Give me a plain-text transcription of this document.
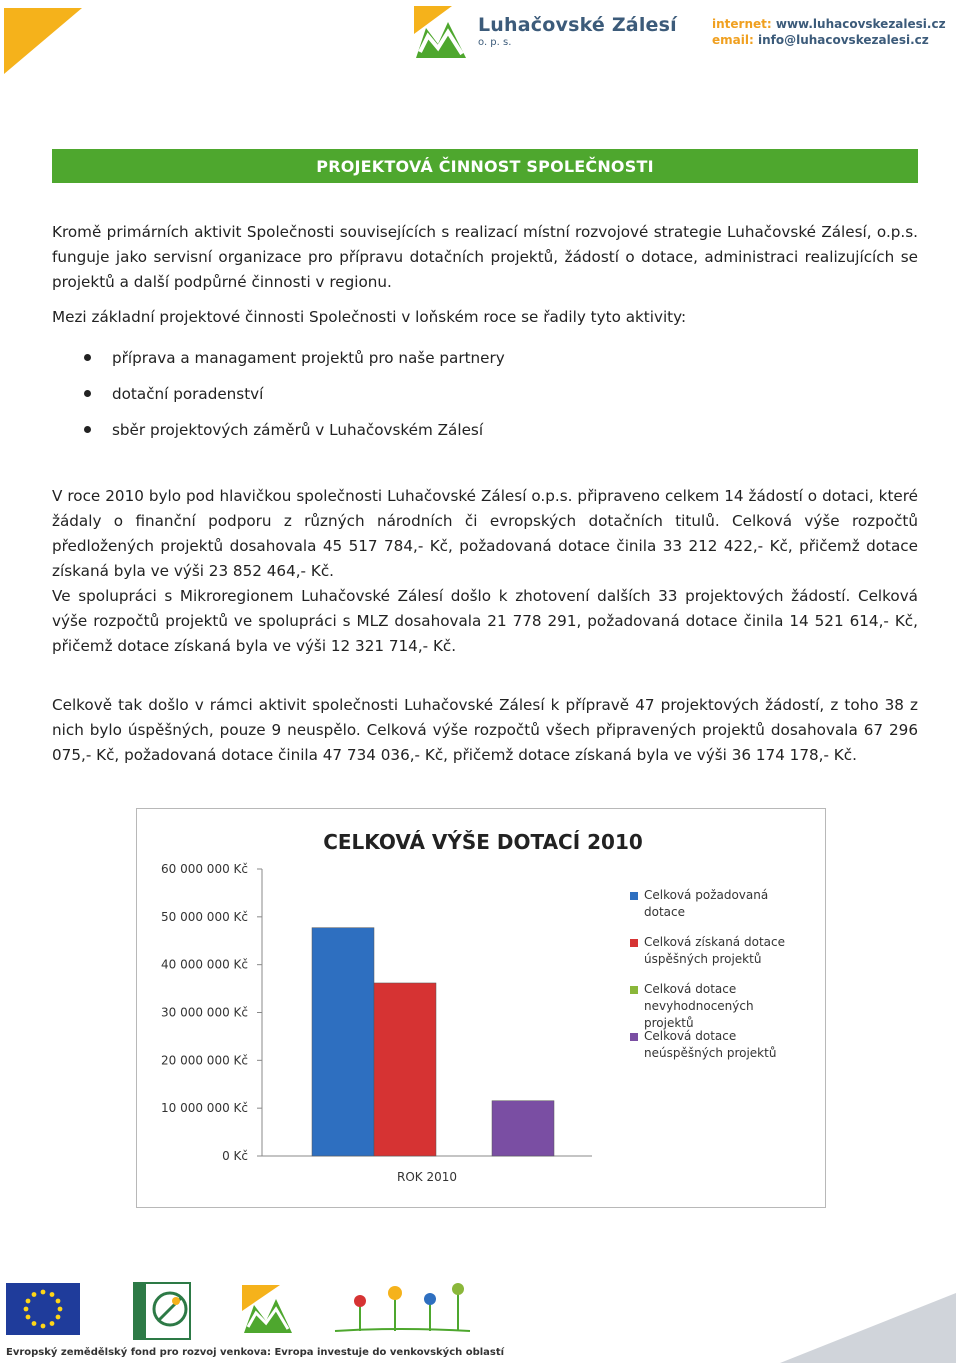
Luhačovské Zálesí
o. p. s.
internet: www.luhacovskezalesi.cz
email: info@luhacovskezalesi.cz
PROJEKTOVÁ ČINNOST SPOLEČNOSTI

Kromě primárních aktivit Společnosti souvisejících s realizací místní rozvojové strategie Luhačovské Zálesí, o.p.s. funguje jako servisní organizace pro přípravu dotačních projektů, žádostí o dotace, administraci realizujících se projektů a další podpůrné činnosti v regionu.

Mezi základní projektové činnosti Společnosti v loňském roce se řadily tyto aktivity:

příprava a managament projektů pro naše partnery
dotační poradenství
sběr projektových záměrů v Luhačovském Zálesí

V roce 2010 bylo pod hlavičkou společnosti Luhačovské Zálesí o.p.s. připraveno celkem 14 žádostí o dotaci, které žádaly o finanční podporu z různých národních či evropských dotačních titulů. Celková výše rozpočtů předložených projektů dosahovala 45 517 784,- Kč, požadovaná dotace činila 33 212 422,- Kč, přičemž dotace získaná byla ve výši 23 852 464,- Kč.

Ve spolupráci s Mikroregionem Luhačovské Zálesí došlo k zhotovení dalších 33 projektových žádostí. Celková výše rozpočtů projektů ve spolupráci s MLZ dosahovala 21 778 291, požadovaná dotace činila 14 521 614,- Kč, přičemž dotace získaná byla ve výši 12 321 714,- Kč.

Celkově tak došlo v rámci aktivit společnosti Luhačovské Zálesí k přípravě 47 projektových žádostí, z toho 38 z nich bylo úspěšných, pouze 9 neuspělo. Celková výše rozpočtů všech připravených projektů dosahovala 67 296 075,- Kč, požadovaná dotace činila 47 734 036,- Kč, přičemž dotace získaná byla ve výši 36 174 178,- Kč.

CELKOVÁ VÝŠE DOTACÍ 2010
0 Kč
10 000 000 Kč
20 000 000 Kč
30 000 000 Kč
40 000 000 Kč
50 000 000 Kč
60 000 000 Kč
ROK 2010
Celková požadovaná dotace
Celková získaná dotace úspěšných projektů
Celková dotace nevyhodnocených projektů
Celková dotace neúspěšných projektů
Evropský zemědělský fond pro rozvoj venkova: Evropa investuje do venkovských oblastí
